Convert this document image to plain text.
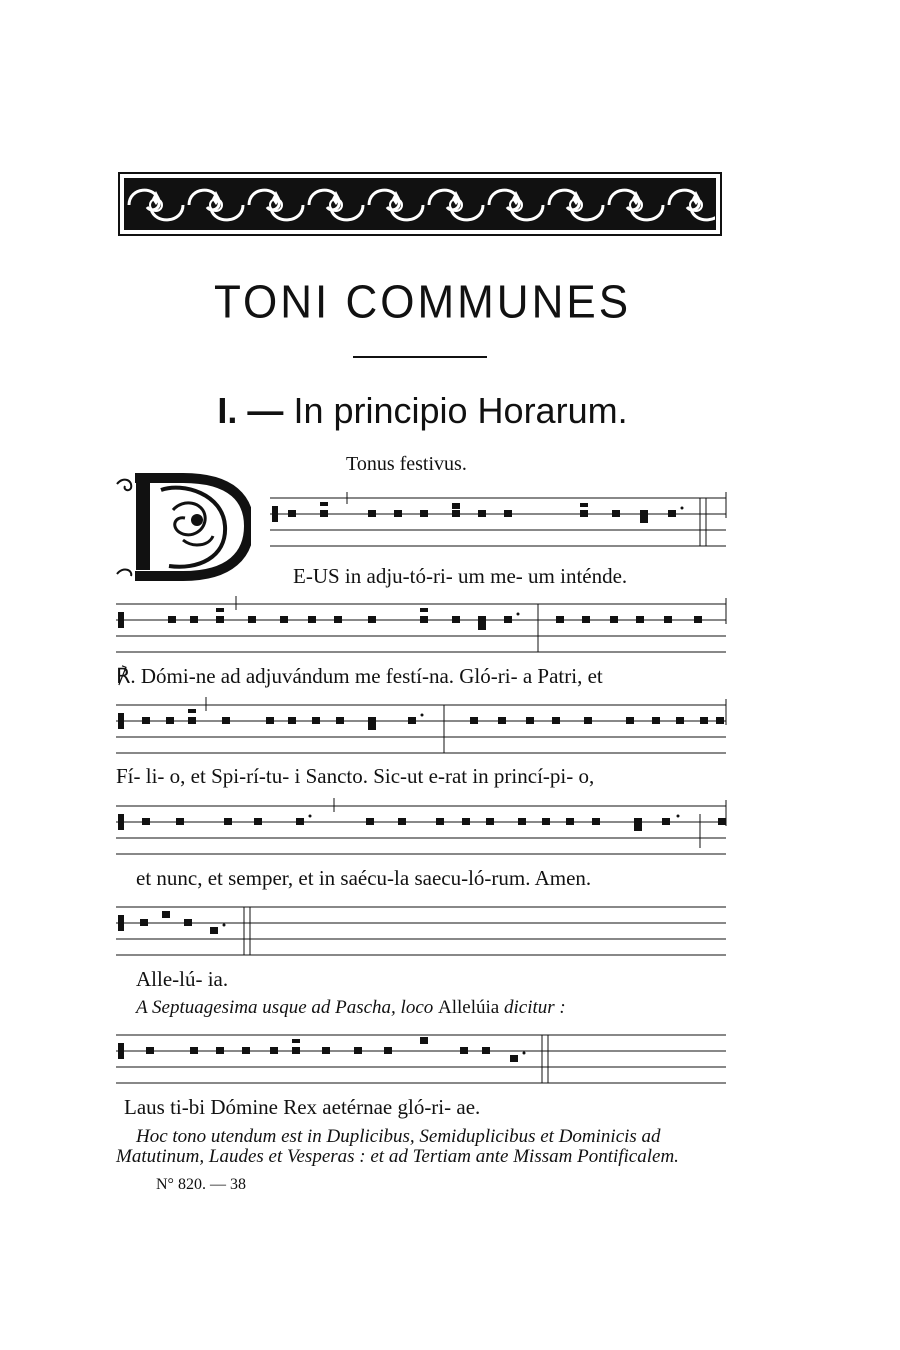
TONI COMMUNES
I. — In principio Horarum.
Tonus festivus.
E-US in adju-tó-ri- um me- um inténde.
℟. Dómi-ne ad adjuvándum me festí-na. Gló-ri- a Patri, et
Fí- li- o, et Spi-rí-tu- i Sancto. Sic-ut e-rat in princí-pi- o,
et nunc, et semper, et in saécu-la saecu-ló-rum. Amen.
Alle-lú- ia.
A Septuagesima usque ad Pascha, loco Allelúia dicitur :
Laus ti-bi Dómine Rex aetérnae gló-ri- ae.
Hoc tono utendum est in Duplicibus, Semiduplicibus et Dominicis ad
Matutinum, Laudes et Vesperas : et ad Tertiam ante Missam Pontificalem.
N° 820. — 38
